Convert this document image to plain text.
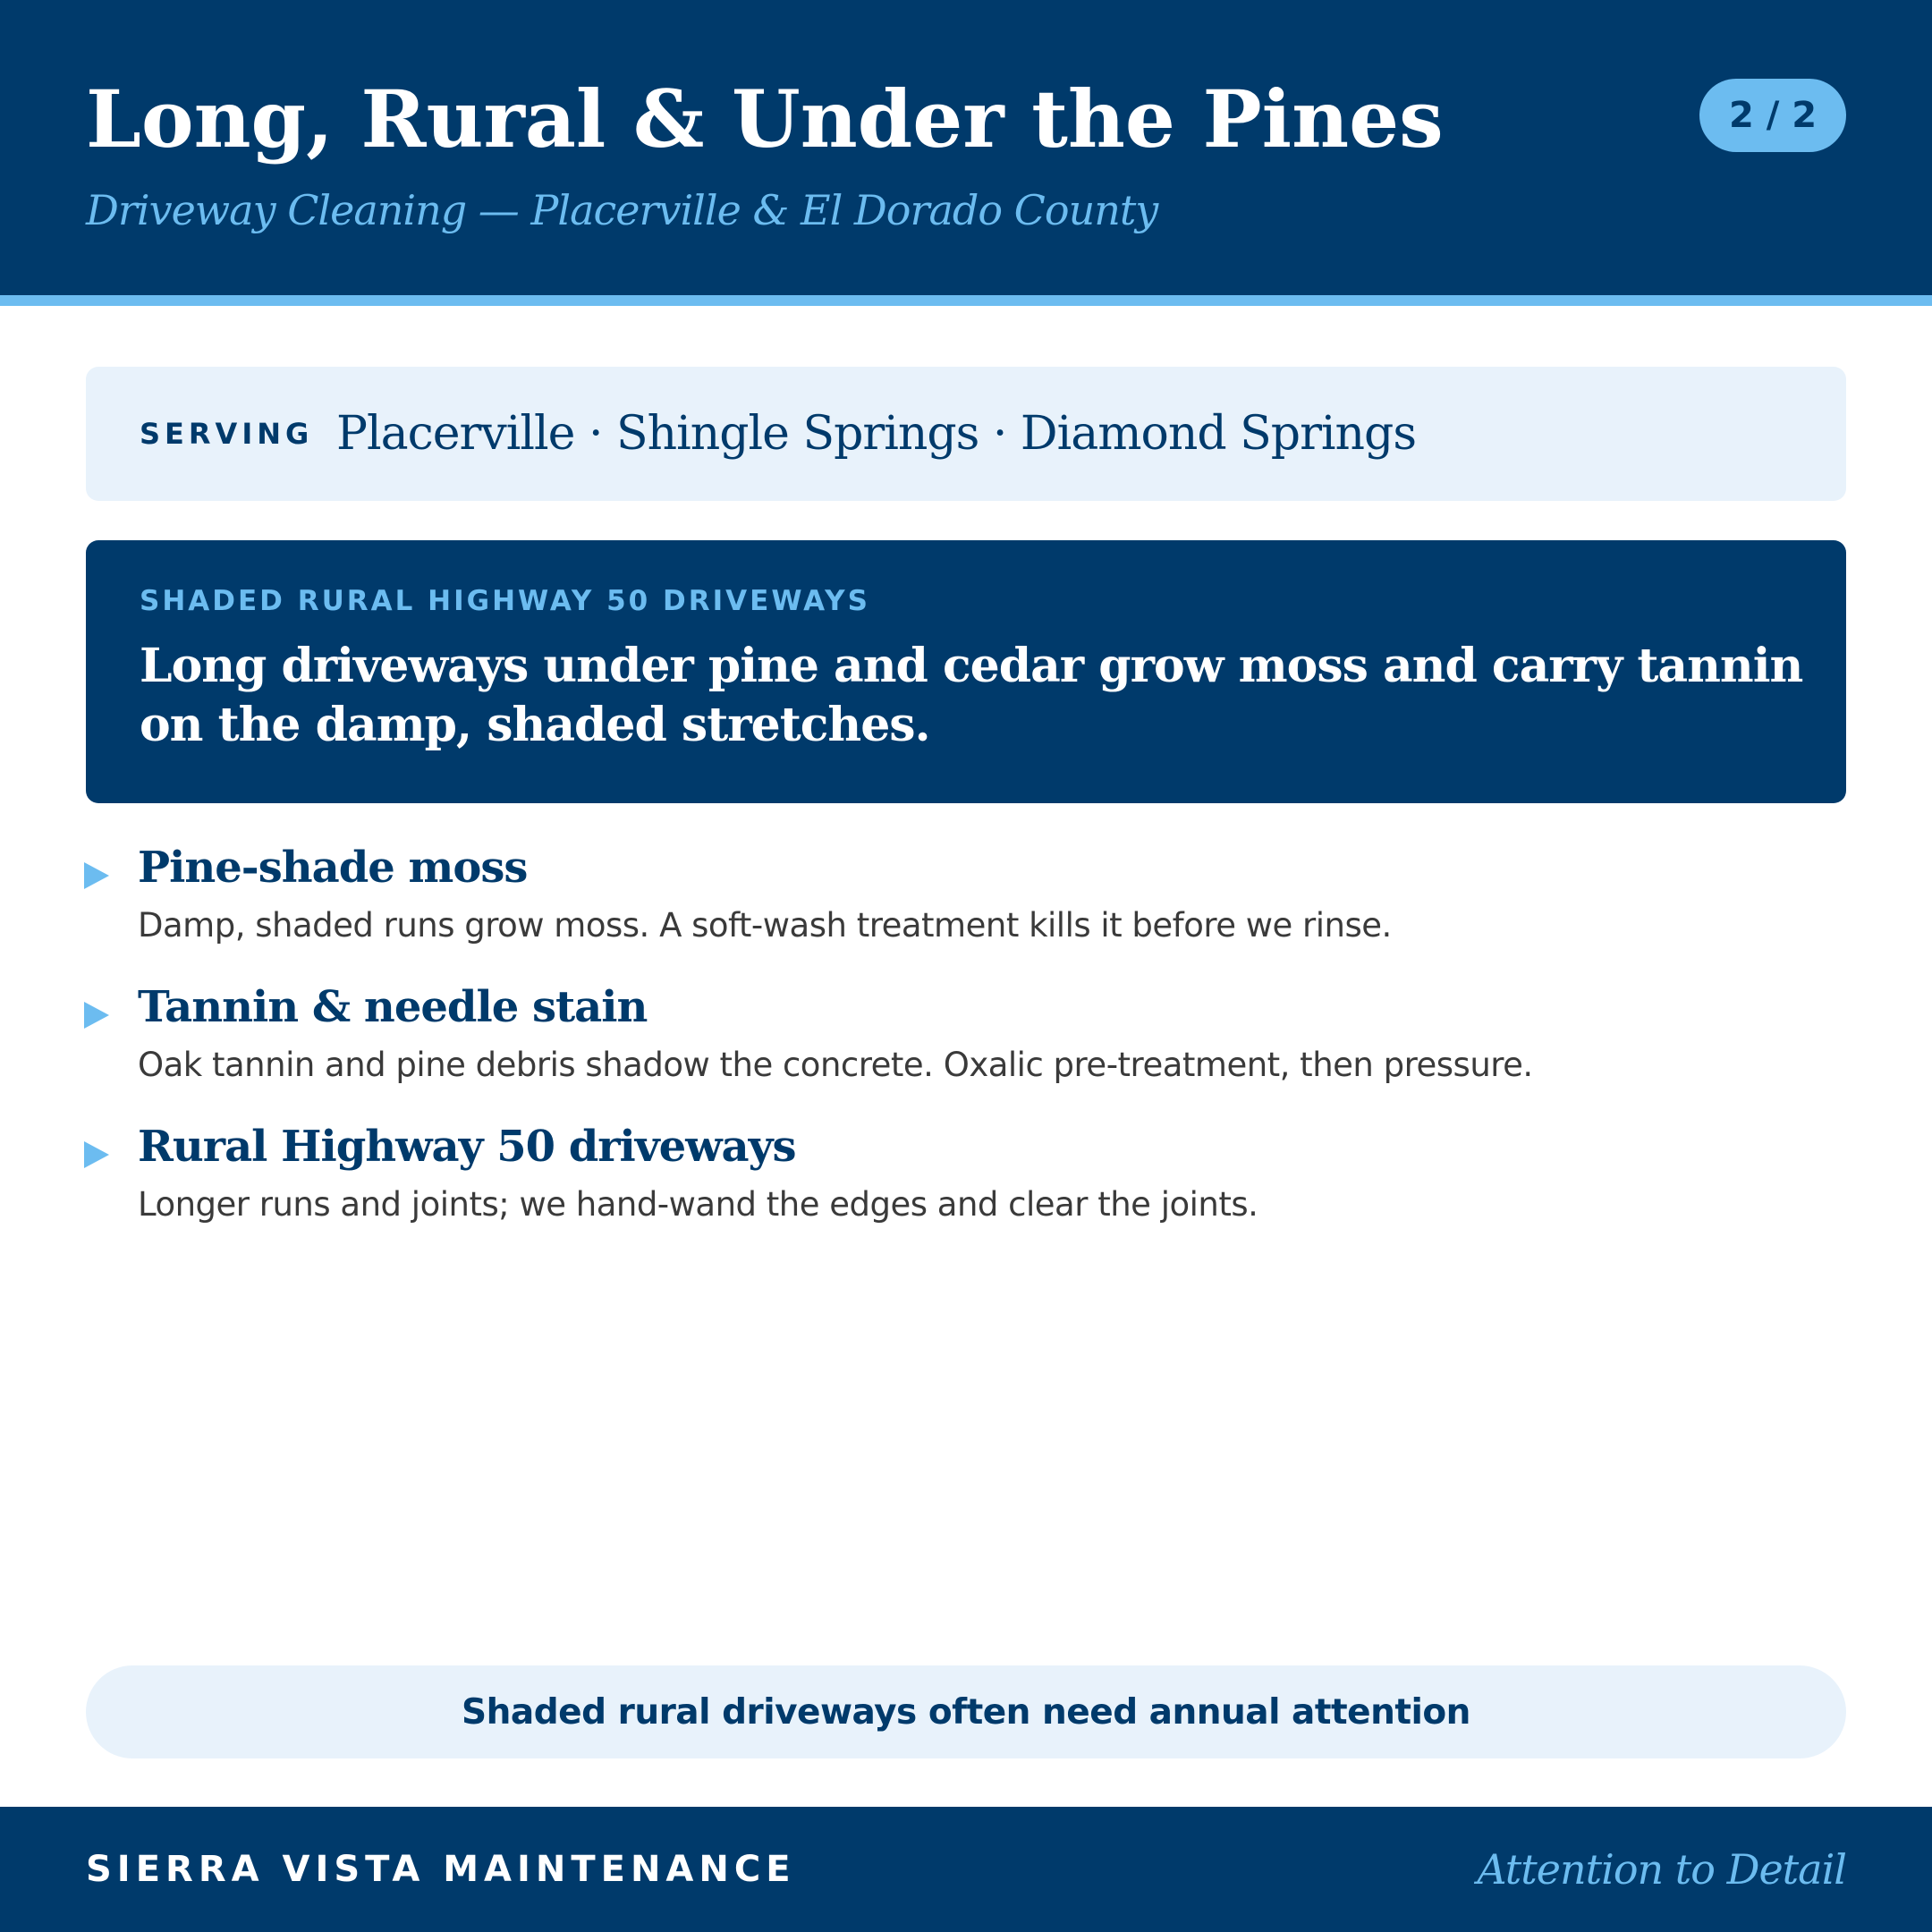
Long, Rural & Under the Pines
Driveway Cleaning — Placerville & El Dorado County
2 / 2
SERVING Placerville · Shingle Springs · Diamond Springs
SHADED RURAL HIGHWAY 50 DRIVEWAYS
Long driveways under pine and cedar grow moss and carry tannin on the damp, shaded stretches.
Pine-shade moss
Damp, shaded runs grow moss. A soft-wash treatment kills it before we rinse.
Tannin & needle stain
Oak tannin and pine debris shadow the concrete. Oxalic pre-treatment, then pressure.
Rural Highway 50 driveways
Longer runs and joints; we hand-wand the edges and clear the joints.
Shaded rural driveways often need annual attention
SIERRA VISTA MAINTENANCE	Attention to Detail
